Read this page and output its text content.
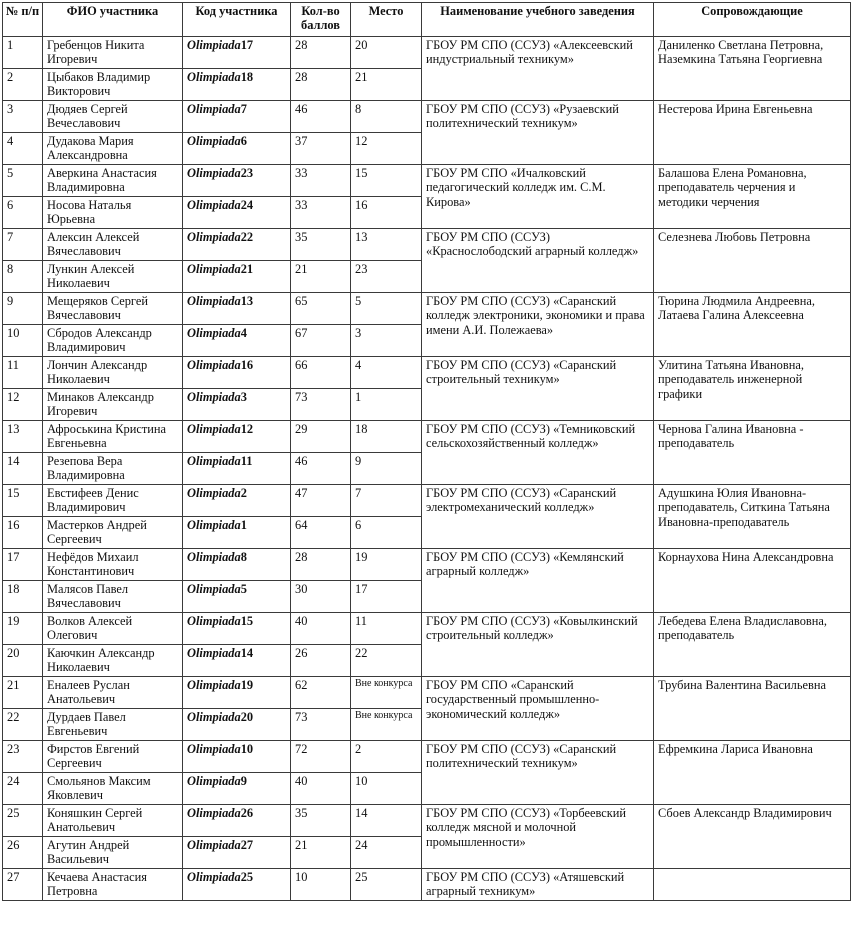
№ п/п	ФИО участника	Код участника	Кол-во баллов	Место	Наименование учебного заведения	Сопровождающие
1	Гребенцов Никита Игоревич	Olimpiada17	28	20	ГБОУ РМ СПО (ССУЗ) «Алексеевский индустриальный техникум»	Даниленко Светлана Петровна, Наземкина Татьяна Георгиевна
2	Цыбаков Владимир Викторович	Olimpiada18	28	21		
3	Дюдяев Сергей Вечеславович	Olimpiada7	46	8	ГБОУ РМ СПО (ССУЗ) «Рузаевский политехнический техникум»	Нестерова Ирина Евгеньевна
4	Дудакова Мария Александровна	Olimpiada6	37	12		
5	Аверкина Анастасия Владимировна	Olimpiada23	33	15	ГБОУ РМ СПО «Ичалковский педагогический колледж им. С.М. Кирова»	Балашова Елена Романовна, преподаватель черчения и методики черчения
6	Носова Наталья Юрьевна	Olimpiada24	33	16		
7	Алексин Алексей Вячеславович	Olimpiada22	35	13	ГБОУ РМ СПО (ССУЗ) «Краснослободский аграрный колледж»	Селезнева Любовь Петровна
8	Лункин Алексей Николаевич	Olimpiada21	21	23		
9	Мещеряков Сергей Вячеславович	Olimpiada13	65	5	ГБОУ РМ СПО (ССУЗ) «Саранский колледж электроники, экономики и права имени А.И. Полежаева»	Тюрина Людмила Андреевна, Латаева Галина Алексеевна
10	Сбродов Александр Владимирович	Olimpiada4	67	3		
11	Лончин Александр Николаевич	Olimpiada16	66	4	ГБОУ РМ СПО (ССУЗ) «Саранский строительный техникум»	Улитина Татьяна Ивановна, преподаватель инженерной графики
12	Минаков Александр Игоревич	Olimpiada3	73	1		
13	Афроськина Кристина Евгеньевна	Olimpiada12	29	18	ГБОУ РМ СПО (ССУЗ) «Темниковский сельскохозяйственный колледж»	Чернова Галина Ивановна - преподаватель
14	Резепова Вера Владимировна	Olimpiada11	46	9		
15	Евстифеев Денис Владимирович	Olimpiada2	47	7	ГБОУ РМ СПО (ССУЗ) «Саранский электромеханический колледж»	Адушкина Юлия Ивановна-преподаватель, Ситкина Татьяна Ивановна-преподаватель
16	Мастерков Андрей Сергеевич	Olimpiada1	64	6		
17	Нефёдов Михаил Константинович	Olimpiada8	28	19	ГБОУ РМ СПО (ССУЗ) «Кемлянский аграрный колледж»	Корнаухова Нина Александровна
18	Малясов Павел Вячеславович	Olimpiada5	30	17		
19	Волков Алексей Олегович	Olimpiada15	40	11	ГБОУ РМ СПО (ССУЗ) «Ковылкинский строительный колледж»	Лебедева Елена Владиславовна, преподаватель
20	Каючкин Александр Николаевич	Olimpiada14	26	22		
21	Еналеев Руслан Анатольевич	Olimpiada19	62	Вне конкурса	ГБОУ РМ СПО «Саранский государственный промышленно-экономический колледж»	Трубина Валентина Васильевна
22	Дурдаев Павел Евгеньевич	Olimpiada20	73	Вне конкурса		
23	Фирстов Евгений Сергеевич	Olimpiada10	72	2	ГБОУ РМ СПО (ССУЗ) «Саранский политехнический техникум»	Ефремкина Лариса Ивановна
24	Смольянов Максим Яковлевич	Olimpiada9	40	10		
25	Коняшкин Сергей Анатольевич	Olimpiada26	35	14	ГБОУ РМ СПО (ССУЗ) «Торбеевский колледж мясной и молочной промышленности»	Сбоев Александр Владимирович
26	Агутин Андрей Васильевич	Olimpiada27	21	24		
27	Кечаева Анастасия Петровна	Olimpiada25	10	25	ГБОУ РМ СПО (ССУЗ) «Атяшевский аграрный техникум»	
